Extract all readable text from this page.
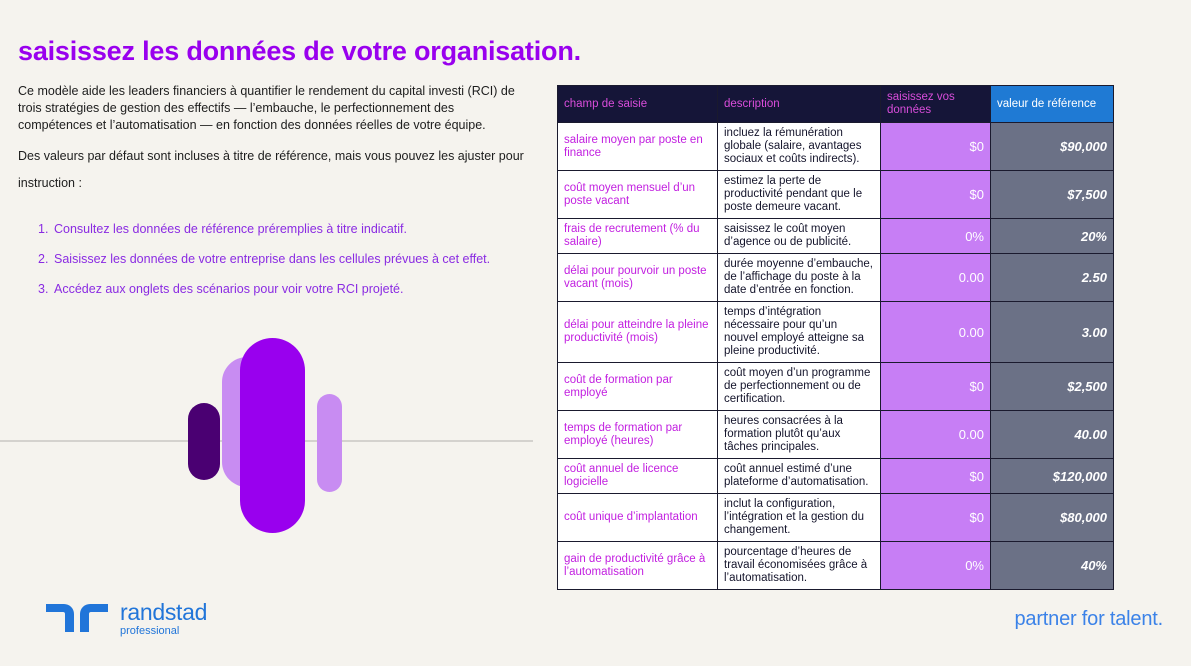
saisissez les données de votre organisation.

Ce modèle aide les leaders financiers à quantifier le rendement du capital investi (RCI) de trois stratégies de gestion des effectifs — l’embauche, le perfectionnement des compétences et l’automatisation — en fonction des données réelles de votre équipe.

Des valeurs par défaut sont incluses à titre de référence, mais vous pouvez les ajuster pour

instruction :

1. Consultez les données de référence préremplies à titre indicatif.
2. Saisissez les données de votre entreprise dans les cellules prévues à cet effet.
3. Accédez aux onglets des scénarios pour voir votre RCI projeté.
randstad
professional
partner for talent.
champ de saisie	description	saisissez vos données	valeur de référence
salaire moyen par poste en finance	incluez la rémunération globale (salaire, avantages sociaux et coûts indirects).	$0	$90,000
coût moyen mensuel d’un poste vacant	estimez la perte de productivité pendant que le poste demeure vacant.	$0	$7,500
frais de recrutement (% du salaire)	saisissez le coût moyen d’agence ou de publicité.	0%	20%
délai pour pourvoir un poste vacant (mois)	durée moyenne d’embauche, de l’affichage du poste à la date d’entrée en fonction.	0.00	2.50
délai pour atteindre la pleine productivité (mois)	temps d’intégration nécessaire pour qu’un nouvel employé atteigne sa pleine productivité.	0.00	3.00
coût de formation par employé	coût moyen d’un programme de perfectionnement ou de certification.	$0	$2,500
temps de formation par employé (heures)	heures consacrées à la formation plutôt qu’aux tâches principales.	0.00	40.00
coût annuel de licence logicielle	coût annuel estimé d’une plateforme d’automatisation.	$0	$120,000
coût unique d’implantation	inclut la configuration, l’intégration et la gestion du changement.	$0	$80,000
gain de productivité grâce à l’automatisation	pourcentage d’heures de travail économisées grâce à l’automatisation.	0%	40%
